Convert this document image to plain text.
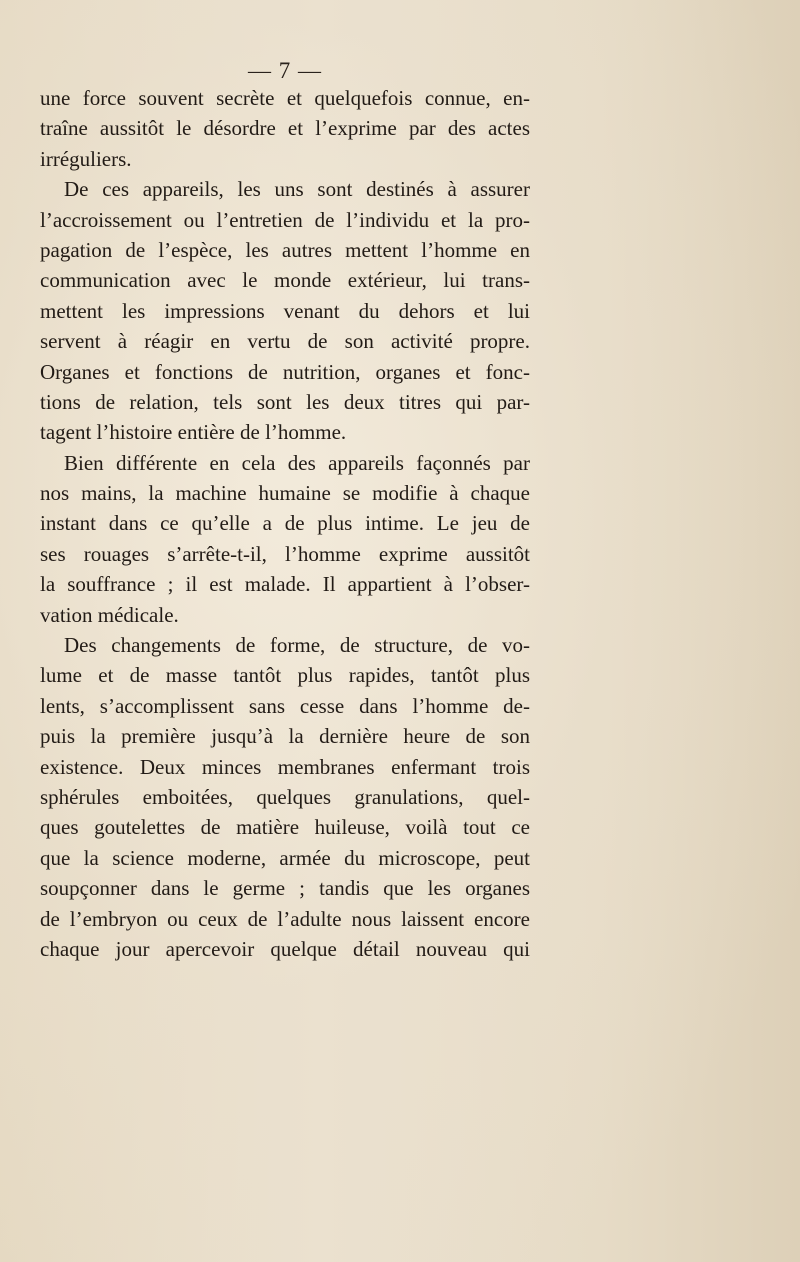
— 7 —
une force souvent secrète et quelquefois connue, en-
traîne aussitôt le désordre et l’exprime par des actes
irréguliers.
De ces appareils, les uns sont destinés à assurer
l’accroissement ou l’entretien de l’individu et la pro-
pagation de l’espèce, les autres mettent l’homme en
communication avec le monde extérieur, lui trans-
mettent les impressions venant du dehors et lui
servent à réagir en vertu de son activité propre.
Organes et fonctions de nutrition, organes et fonc-
tions de relation, tels sont les deux titres qui par-
tagent l’histoire entière de l’homme.
Bien différente en cela des appareils façonnés par
nos mains, la machine humaine se modifie à chaque
instant dans ce qu’elle a de plus intime. Le jeu de
ses rouages s’arrête-t-il, l’homme exprime aussitôt
la souffrance ; il est malade. Il appartient à l’obser-
vation médicale.
Des changements de forme, de structure, de vo-
lume et de masse tantôt plus rapides, tantôt plus
lents, s’accomplissent sans cesse dans l’homme de-
puis la première jusqu’à la dernière heure de son
existence. Deux minces membranes enfermant trois
sphérules emboitées, quelques granulations, quel-
ques goutelettes de matière huileuse, voilà tout ce
que la science moderne, armée du microscope, peut
soupçonner dans le germe ; tandis que les organes
de l’embryon ou ceux de l’adulte nous laissent encore
chaque jour apercevoir quelque détail nouveau qui
